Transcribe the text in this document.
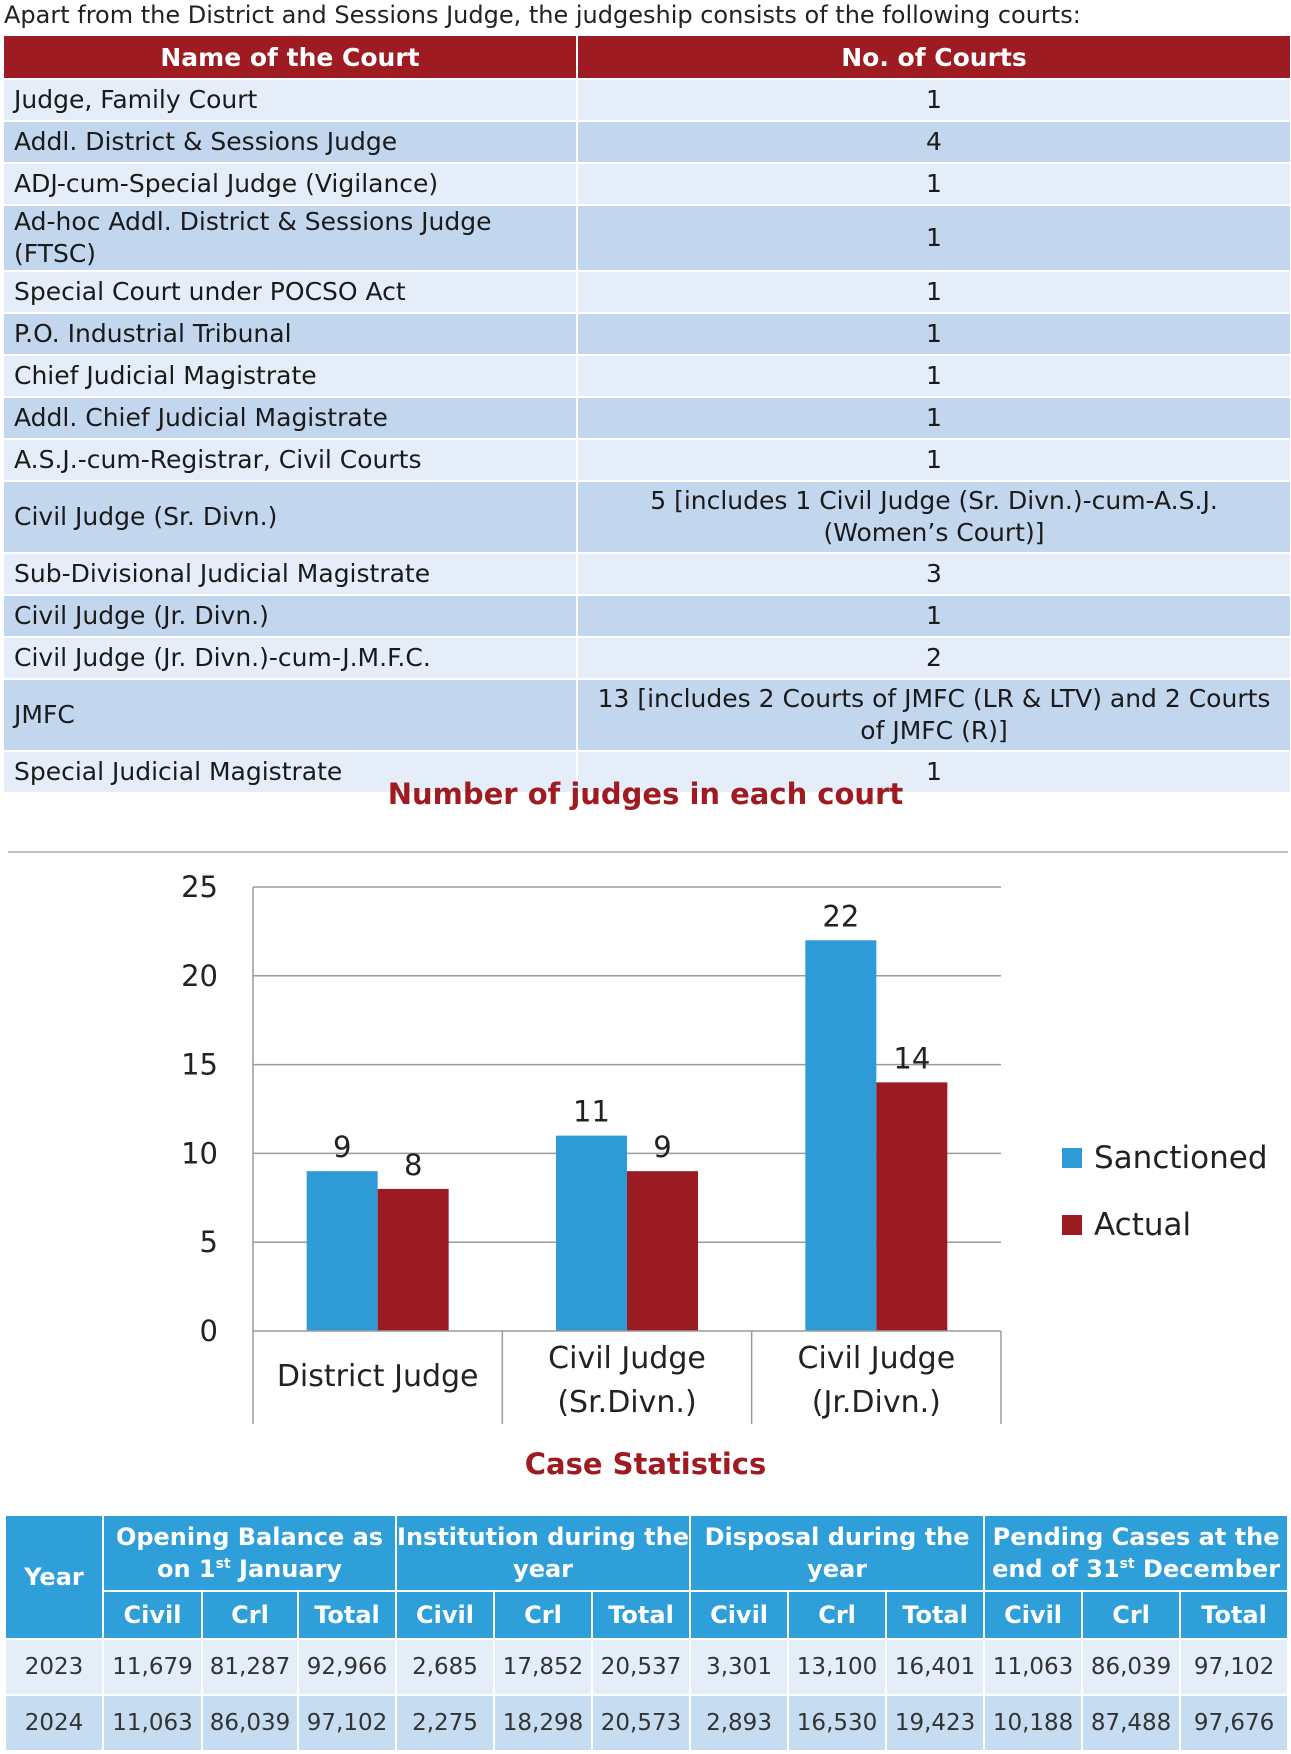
Apart from the District and Sessions Judge, the judgeship consists of the following courts:
Name of the Court	No. of Courts
Judge, Family Court	1
Addl. District & Sessions Judge	4
ADJ-cum-Special Judge (Vigilance)	1
Ad-hoc Addl. District & Sessions Judge (FTSC)	1
Special Court under POCSO Act	1
P.O. Industrial Tribunal	1
Chief Judicial Magistrate	1
Addl. Chief Judicial Magistrate	1
A.S.J.-cum-Registrar, Civil Courts	1
Civil Judge (Sr. Divn.)	5 [includes 1 Civil Judge (Sr. Divn.)-cum-A.S.J. (Women’s Court)]
Sub-Divisional Judicial Magistrate	3
Civil Judge (Jr. Divn.)	1
Civil Judge (Jr. Divn.)-cum-J.M.F.C.	2
JMFC	13 [includes 2 Courts of JMFC (LR & LTV) and 2 Courts of JMFC (R)]
Special Judicial Magistrate	1
Number of judges in each court
0
5
10
15
20
25
9
8
District Judge
11
9
Civil Judge
(Sr.Divn.)
22
14
Civil Judge
(Jr.Divn.)
Sanctioned
Actual
Case Statistics
Year	Opening Balance as on 1st January			Institution during the year			Disposal during the year			Pending Cases at the end of 31st December		
	Civil	Crl	Total	Civil	Crl	Total	Civil	Crl	Total	Civil	Crl	Total
2023	11,679	81,287	92,966	2,685	17,852	20,537	3,301	13,100	16,401	11,063	86,039	97,102
2024	11,063	86,039	97,102	2,275	18,298	20,573	2,893	16,530	19,423	10,188	87,488	97,676
